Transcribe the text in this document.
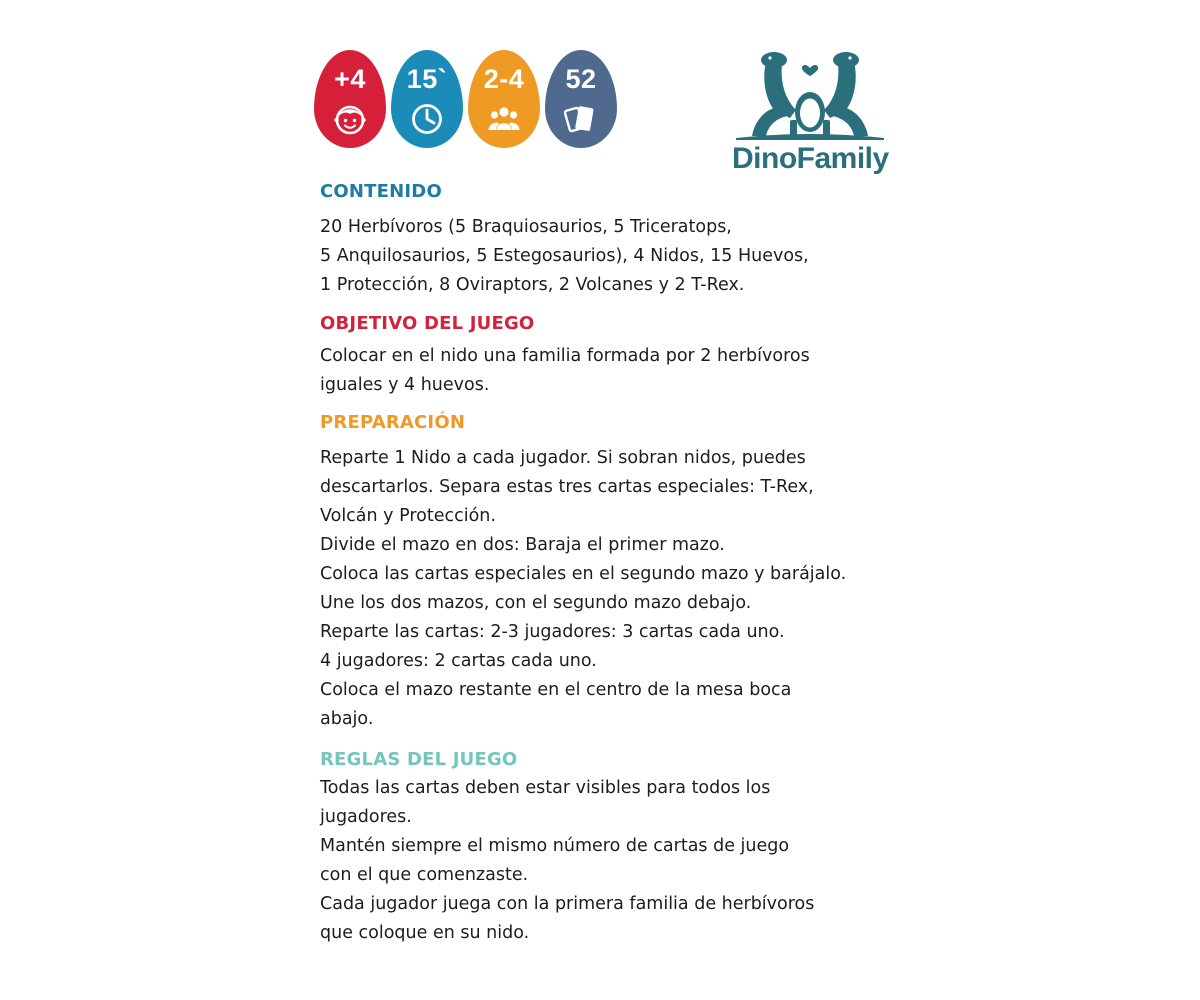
+4	15`	2-4	52
DinoFamily
CONTENIDO
20 Herbívoros (5 Braquiosaurios, 5 Triceratops,
5 Anquilosaurios, 5 Estegosaurios), 4 Nidos, 15 Huevos,
1 Protección, 8 Oviraptors, 2 Volcanes y 2 T-Rex.
OBJETIVO DEL JUEGO
Colocar en el nido una familia formada por 2 herbívoros
iguales y 4 huevos.
PREPARACIÓN
Reparte 1 Nido a cada jugador. Si sobran nidos, puedes
descartarlos. Separa estas tres cartas especiales: T-Rex,
Volcán y Protección.
Divide el mazo en dos: Baraja el primer mazo.
Coloca las cartas especiales en el segundo mazo y barájalo.
Une los dos mazos, con el segundo mazo debajo.
Reparte las cartas: 2-3 jugadores: 3 cartas cada uno.
4 jugadores: 2 cartas cada uno.
Coloca el mazo restante en el centro de la mesa boca
abajo.
REGLAS DEL JUEGO
Todas las cartas deben estar visibles para todos los
jugadores.
Mantén siempre el mismo número de cartas de juego
con el que comenzaste.
Cada jugador juega con la primera familia de herbívoros
que coloque en su nido.
